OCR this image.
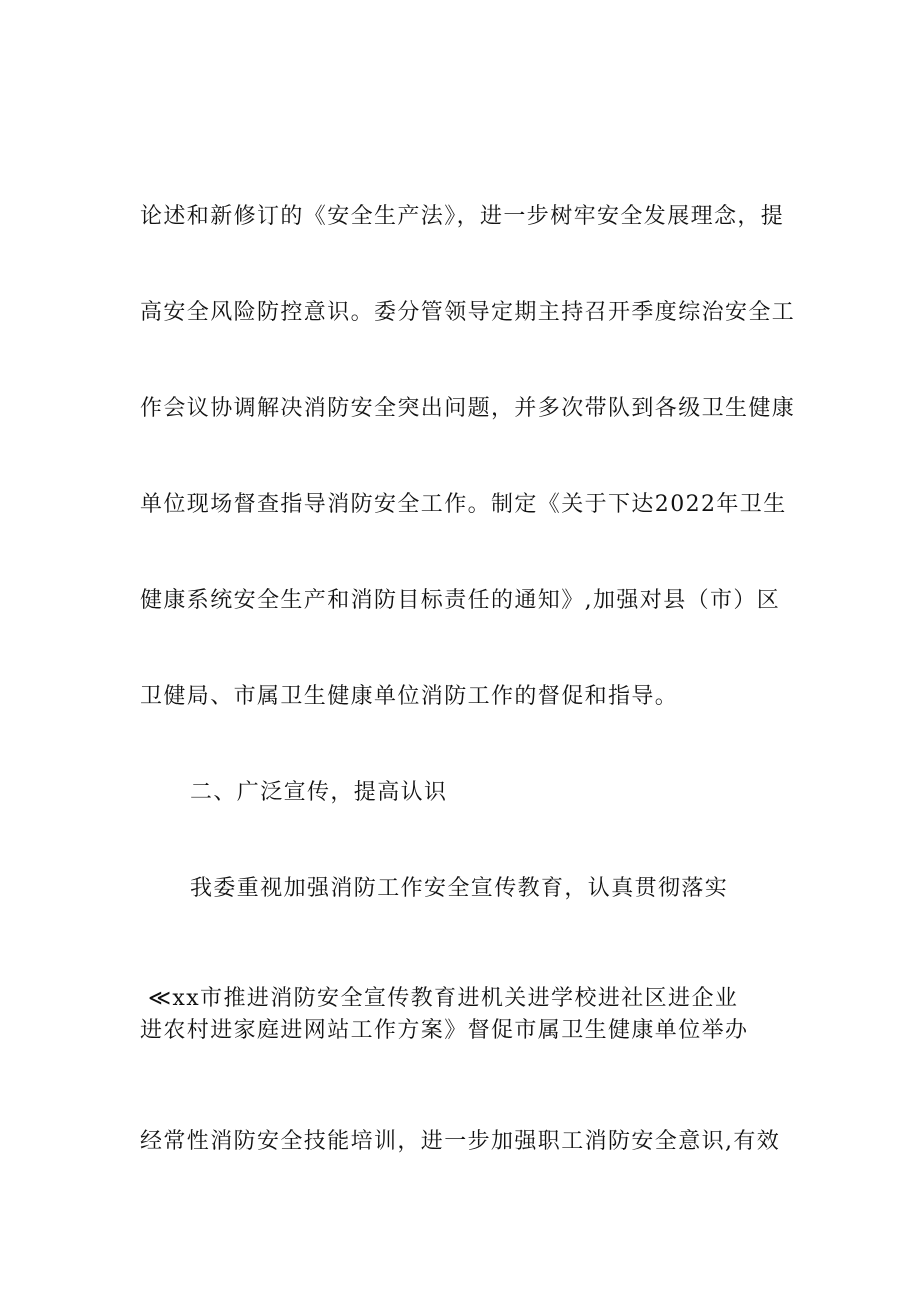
论述和新修订的《安全生产法》，进一步树牢安全发展理念，提
高安全风险防控意识。委分管领导定期主持召开季度综治安全工
作会议协调解决消防安全突出问题，并多次带队到各级卫生健康
单位现场督查指导消防安全工作。制定《关于下达2022年卫生
健康系统安全生产和消防目标责任的通知》,加强对县（市）区
卫健局、市属卫生健康单位消防工作的督促和指导。
二、广泛宣传，提高认识
我委重视加强消防工作安全宣传教育，认真贯彻落实
≪xx市推进消防安全宣传教育进机关进学校进社区进企业
进农村进家庭进网站工作方案》督促市属卫生健康单位举办
经常性消防安全技能培训，进一步加强职工消防安全意识,有效
